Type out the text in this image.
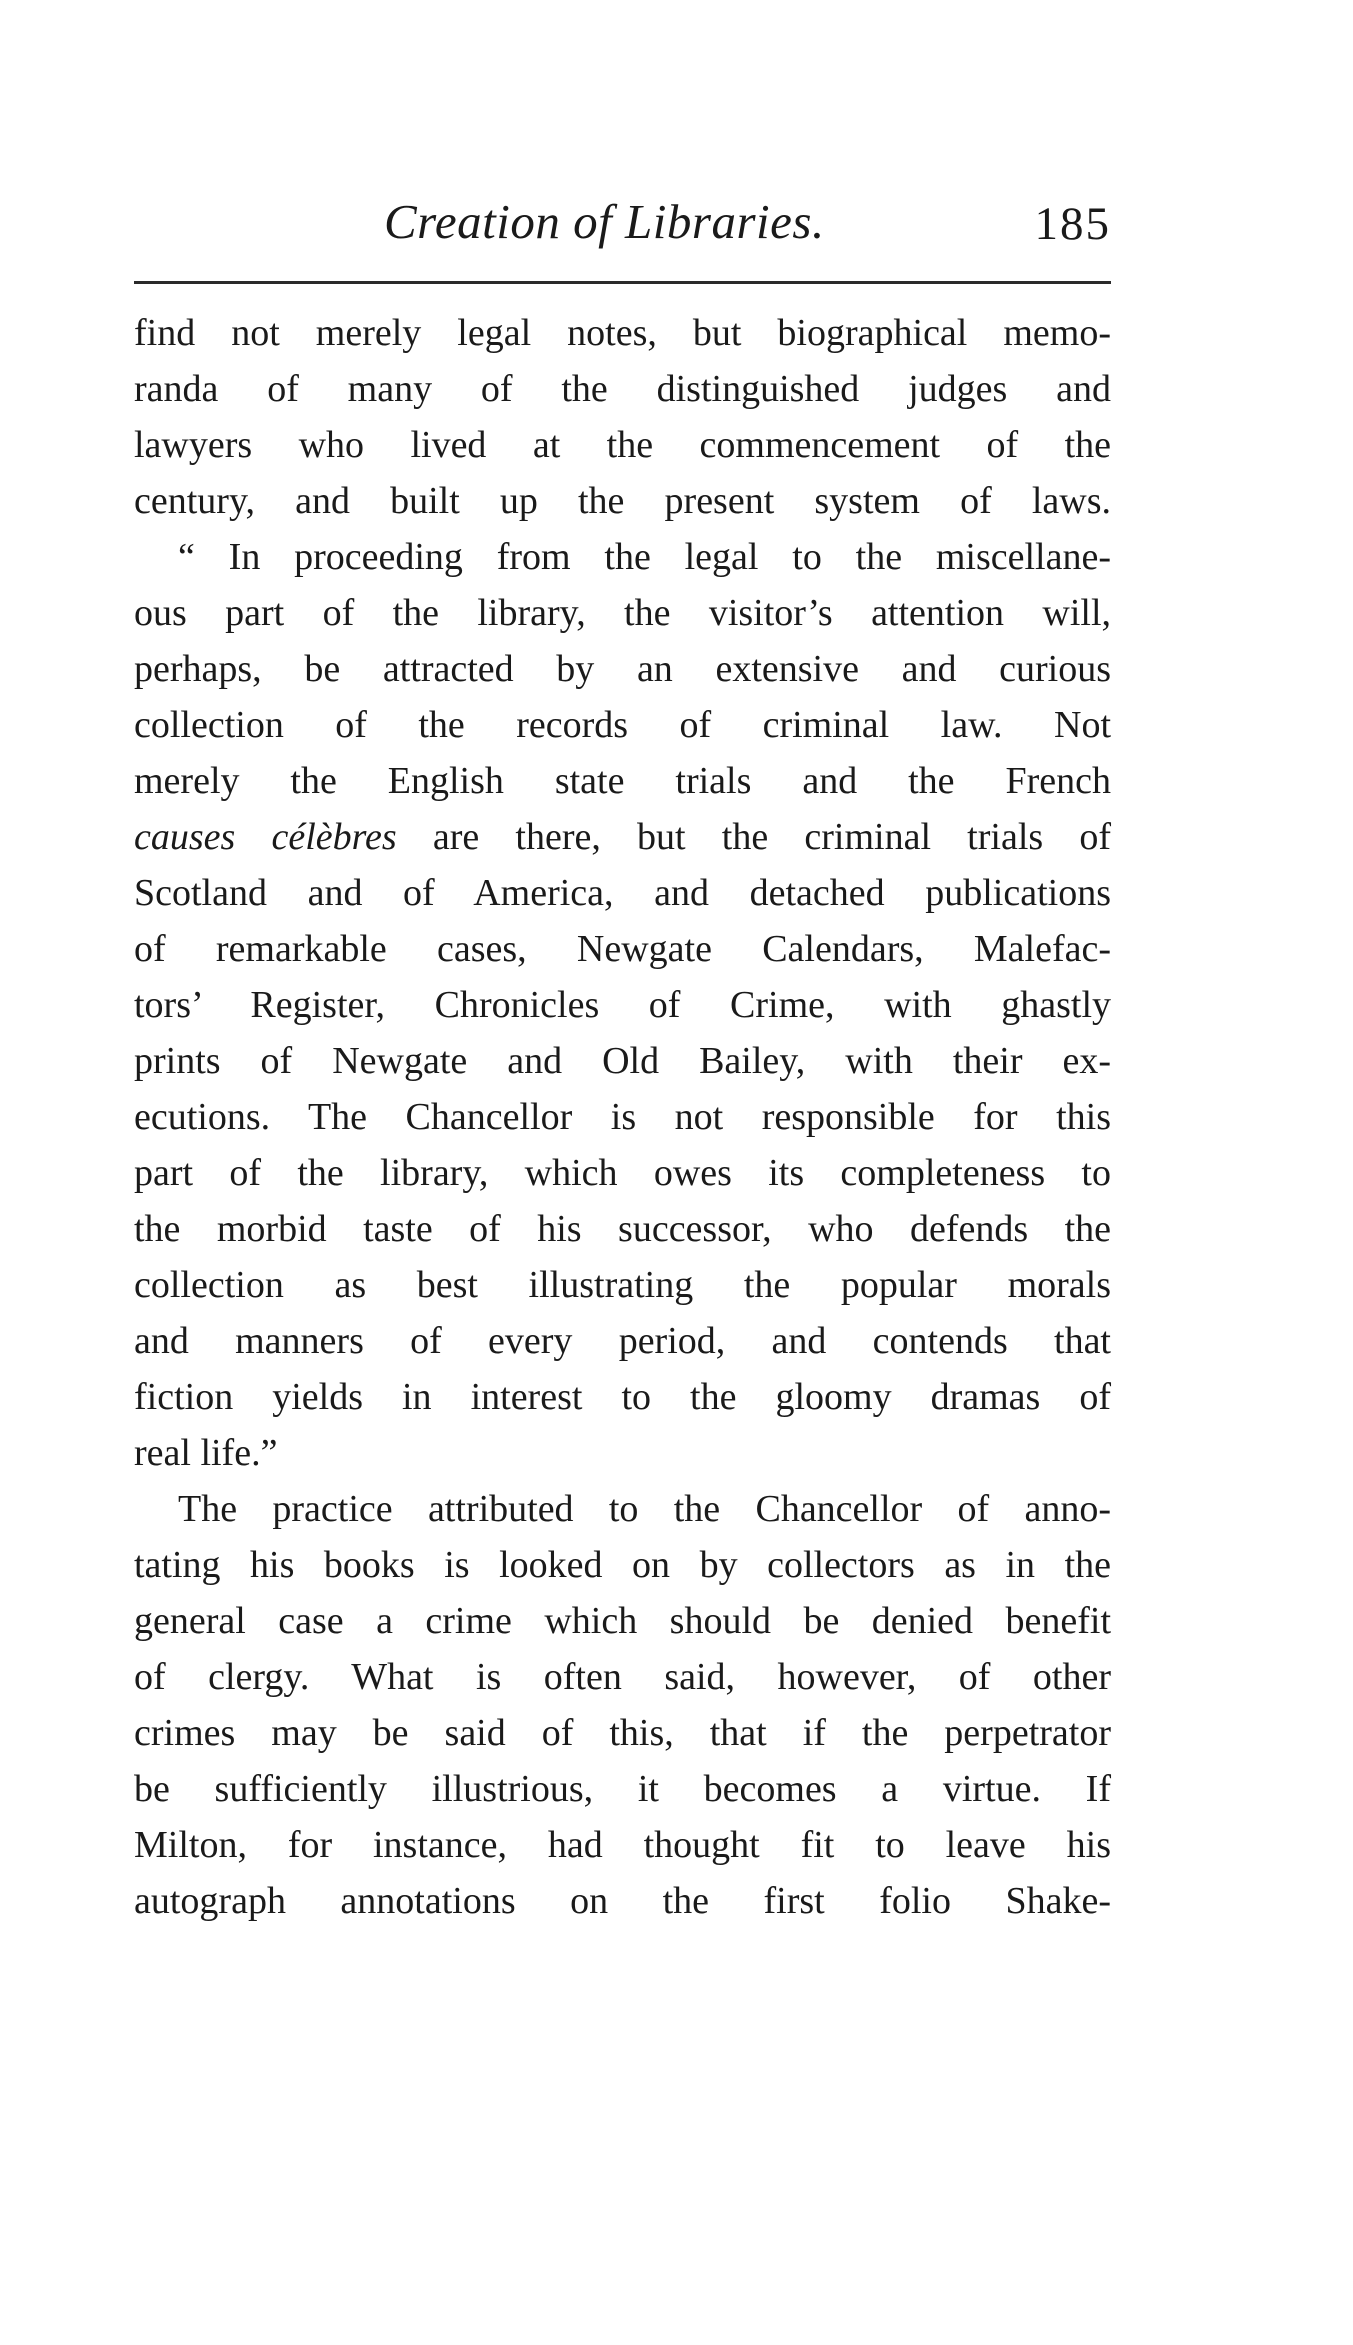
Creation of Libraries.	185

find not merely legal notes, but biographical memo-
randa of many of the distinguished judges and
lawyers who lived at the commencement of the
century, and built up the present system of laws.

“ In proceeding from the legal to the miscellane-
ous part of the library, the visitor’s attention will,
perhaps, be attracted by an extensive and curious
collection of the records of criminal law. Not
merely the English state trials and the French
causes célèbres are there, but the criminal trials of
Scotland and of America, and detached publications
of remarkable cases, Newgate Calendars, Malefac-
tors’ Register, Chronicles of Crime, with ghastly
prints of Newgate and Old Bailey, with their ex-
ecutions. The Chancellor is not responsible for this
part of the library, which owes its completeness to
the morbid taste of his successor, who defends the
collection as best illustrating the popular morals
and manners of every period, and contends that
fiction yields in interest to the gloomy dramas of
real life.”

The practice attributed to the Chancellor of anno-
tating his books is looked on by collectors as in the
general case a crime which should be denied benefit
of clergy. What is often said, however, of other
crimes may be said of this, that if the perpetrator
be sufficiently illustrious, it becomes a virtue. If
Milton, for instance, had thought fit to leave his
autograph annotations on the first folio Shake-
